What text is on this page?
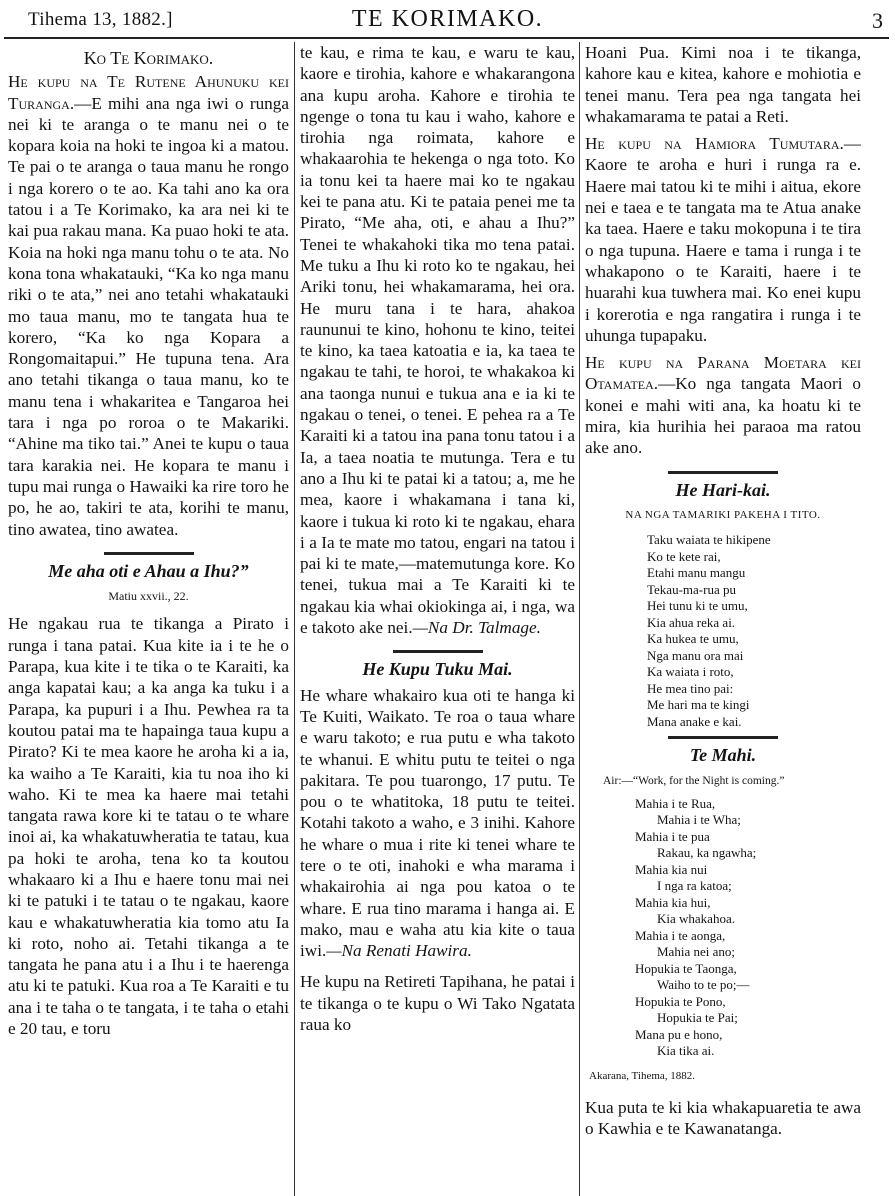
Tihema 13, 1882.]	TE KORIMAKO.	3
Ko Te Korimako.

He kupu na Te Rutene Ahunuku kei Turanga.—E mihi ana nga iwi o runga nei ki te aranga o te manu nei o te kopara koia na hoki te ingoa ki a matou. Te pai o te aranga o taua manu he rongo i nga korero o te ao. Ka tahi ano ka ora tatou i a Te Korimako, ka ara nei ki te kai pua rakau mana. Ka puao hoki te ata. Koia na hoki nga manu tohu o te ata. No kona tona whakatauki, “Ka ko nga manu riki o te ata,” nei ano tetahi whakatauki mo taua manu, mo te tangata hua te korero, “Ka ko nga Kopara a Rongomaitapui.” He tupuna tena. Ara ano tetahi tikanga o taua manu, ko te manu tena i whakaritea e Tangaroa hei tara i nga po roroa o te Makariki. “Ahine ma tiko tai.” Anei te kupu o taua tara karakia nei. He kopara te manu i tupu mai runga o Hawaiki ka rire toro he po, he ao, takiri te ata, korihi te manu, tino awatea, tino awatea.

Me aha oti e Ahau a Ihu?”
Matiu xxvii., 22.

He ngakau rua te tikanga a Pirato i runga i tana patai. Kua kite ia i te he o Parapa, kua kite i te tika o te Karaiti, ka anga kapatai kau; a ka anga ka tuku i a Parapa, ka pupuri i a Ihu. Pewhea ra ta koutou patai ma te hapainga taua kupu a Pirato? Ki te mea kaore he aroha ki a ia, ka waiho a Te Karaiti, kia tu noa iho ki waho. Ki te mea ka haere mai tetahi tangata rawa kore ki te tatau o te whare inoi ai, ka whakatuwheratia te tatau, kua pa hoki te aroha, tena ko ta koutou whakaaro ki a Ihu e haere tonu mai nei ki te patuki i te tatau o te ngakau, kaore kau e whakatuwheratia kia tomo atu Ia ki roto, noho ai. Tetahi tikanga a te tangata he pana atu i a Ihu i te haerenga atu ki te patuki. Kua roa a Te Karaiti e tu ana i te taha o te tangata, i te taha o etahi e 20 tau, e toru

te kau, e rima te kau, e waru te kau, kaore e tirohia, kahore e whakarangona ana kupu aroha. Kahore e tirohia te ngenge o tona tu kau i waho, kahore e tirohia nga roimata, kahore e whakaarohia te hekenga o nga toto. Ko ia tonu kei ta haere mai ko te ngakau kei te pana atu. Ki te pataia penei me ta Pirato, “Me aha, oti, e ahau a Ihu?” Tenei te whakahoki tika mo tena patai. Me tuku a Ihu ki roto ko te ngakau, hei Ariki tonu, hei whakamarama, hei ora. He muru tana i te hara, ahakoa raununui te kino, hohonu te kino, teitei te kino, ka taea katoatia e ia, ka taea te ngakau te tahi, te horoi, te whakakoa ki ana taonga nunui e tukua ana e ia ki te ngakau o tenei, o tenei. E pehea ra a Te Karaiti ki a tatou ina pana tonu tatou i a Ia, a taea noatia te mutunga. Tera e tu ano a Ihu ki te patai ki a tatou; a, me he mea, kaore i whakamana i tana ki, kaore i tukua ki roto ki te ngakau, ehara i a Ia te mate mo tatou, engari na tatou i pai ki te mate,—matemutunga kore. Ko tenei, tukua mai a Te Karaiti ki te ngakau kia whai okiokinga ai, i nga, wa e takoto ake nei.—Na Dr. Talmage.

He Kupu Tuku Mai.

He whare whakairo kua oti te hanga ki Te Kuiti, Waikato. Te roa o taua whare e waru takoto; e rua putu e wha takoto te whanui. E whitu putu te teitei o nga pakitara. Te pou tuarongo, 17 putu. Te pou o te whatitoka, 18 putu te teitei. Kotahi takoto a waho, e 3 inihi. Kahore he whare o mua i rite ki tenei whare te tere o te oti, inahoki e wha marama i whakairohia ai nga pou katoa o te whare. E rua tino marama i hanga ai. E mako, mau e waha atu kia kite o taua iwi.—Na Renati Hawira.

He kupu na Retireti Tapihana, he patai i te tikanga o te kupu o Wi Tako Ngatata raua ko

Hoani Pua. Kimi noa i te tikanga, kahore kau e kitea, kahore e mohiotia e tenei manu. Tera pea nga tangata hei whakamarama te patai a Reti.

He kupu na Hamiora Tumutara.—Kaore te aroha e huri i runga ra e. Haere mai tatou ki te mihi i aitua, ekore nei e taea e te tangata ma te Atua anake ka taea. Haere e taku mokopuna i te tira o nga tupuna. Haere e tama i runga i te whakapono o te Karaiti, haere i te huarahi kua tuwhera mai. Ko enei kupu i korerotia e nga rangatira i runga i te uhunga tupapaku.

He kupu na Parana Moetara kei Otamatea.—Ko nga tangata Maori o konei e mahi witi ana, ka hoatu ki te mira, kia hurihia hei paraoa ma ratou ake ano.

He Hari-kai.
NA NGA TAMARIKI PAKEHA I TITO.
Taku waiata te hikipene
Ko te kete rai,
Etahi manu mangu
Tekau-ma-rua pu
Hei tunu ki te umu,
Kia ahua reka ai.
Ka hukea te umu,
Nga manu ora mai
Ka waiata i roto,
He mea tino pai:
Me hari ma te kingi
Mana anake e kai.
Te Mahi.
Air:—“Work, for the Night is coming.”
Mahia i te Rua,
Mahia i te Wha;
Mahia i te pua
Rakau, ka ngawha;
Mahia kia nui
I nga ra katoa;
Mahia kia hui,
Kia whakahoa.
Mahia i te aonga,
Mahia nei ano;
Hopukia te Taonga,
Waiho to te po;—
Hopukia te Pono,
Hopukia te Pai;
Mana pu e hono,
Kia tika ai.
Akarana, Tihema, 1882.

Kua puta te ki kia whakapuaretia te awa o Kawhia e te Kawanatanga.
